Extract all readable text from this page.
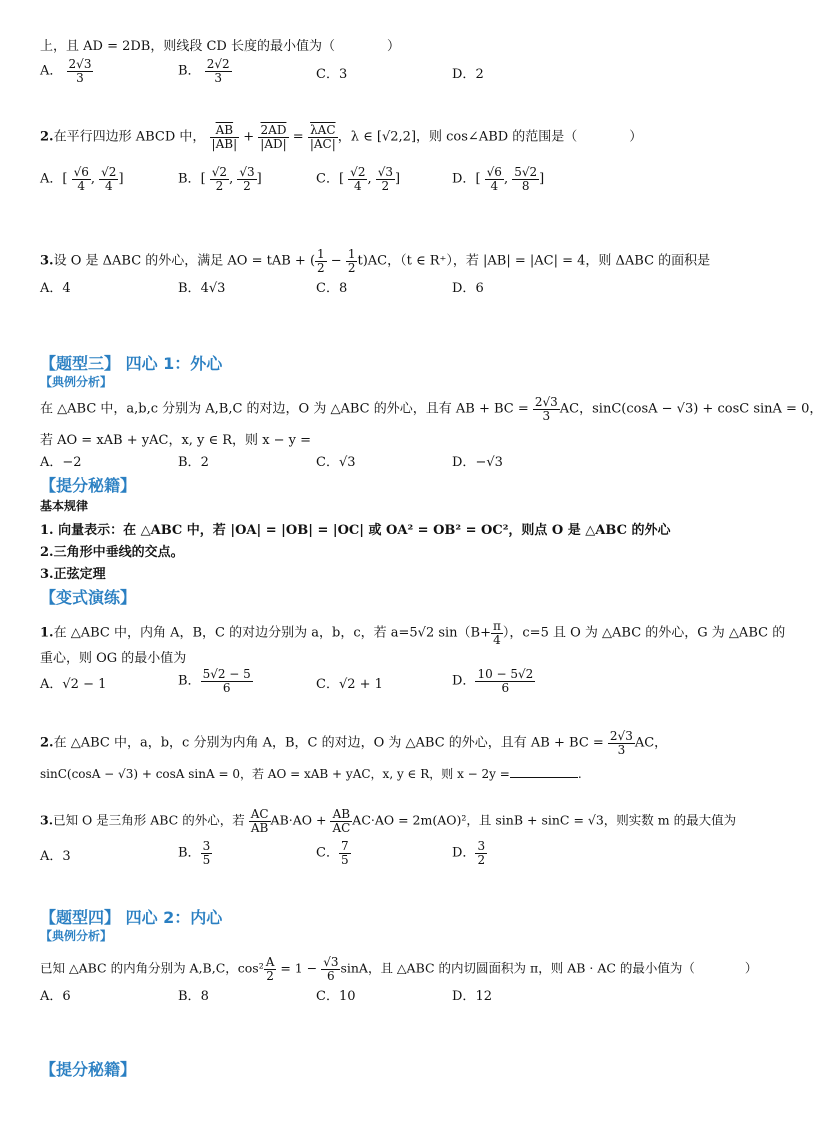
上，且 AD = 2DB，则线段 CD 长度的最小值为（　　　　）
A． $\frac{2√3}{3}$	B． $\frac{2√2}{3}$	C．3	D．2
2.在平行四边形 ABCD 中， $\frac{\overline{AB}}{|AB|} + \frac{2AD}{|AD|} = \frac{\overline{\lambda AC}}{|AC|}$ ，λ ∈ [√2,2]，则 cos∠ABD 的范围是（　　　　）
A．[ $\frac{√6}{4}$ , $\frac{√2}{4}$ ]	B．[ $\frac{√2}{2}$ , $\frac{√3}{2}$ ]	C．[ $\frac{√2}{4}$ , $\frac{√3}{2}$ ]	D．[ $\frac{√6}{4}$ , $\frac{5√2}{8}$ ]
3.设 O 是 ΔABC 的外心，满足 AO = tAB + ( $\frac{1}{2} - \frac{1}{2} t)AC$，（t ∈ R⁺），若 |AB| = |AC| = 4，则 ΔABC 的面积是
A．4	B．4√3	C．8	D．6
【题型三】 四心 1：外心
【典例分析】
在 △ABC 中，a,b,c 分别为 A,B,C 的对边，O 为 △ABC 的外心，且有 AB + BC = $\frac{2√3}{3}$ AC，sinC(cosA − √3) + cosC sinA = 0，
若 AO = xAB + yAC，x, y ∈ R，则 x − y =
A．−2	B．2	C．√3	D．−√3
【提分秘籍】
基本规律
1. 向量表示：在 △ABC 中，若 |OA| = |OB| = |OC| 或 OA² = OB² = OC²，则点 O 是 △ABC 的外心
2.三角形中垂线的交点。
3.正弦定理
【变式演练】
1.在 △ABC 中，内角 A，B，C 的对边分别为 a，b，c，若 a=5√2 $\sin(B+ \frac{\pi}{4}$ ），c=5 且 O 为 △ABC 的外心，G 为 △ABC 的
重心，则 OG 的最小值为
A．√2 − 1	B． $\frac{5√2 - 5}{6}$	C．√2 + 1	D． $\frac{10 - 5√2}{6}$
2.在 △ABC 中，a，b，c 分别为内角 A，B，C 的对边，O 为 △ABC 的外心，且有 AB + BC = $\frac{2√3}{3}$ AC，
sinC(cosA − √3) + cosA sinA = 0，若 AO = xAB + yAC，x, y ∈ R，则 x − 2y =	.
3.已知 O 是三角形 ABC 的外心，若 $\frac{AC}{AB} AB\cdot AO + \frac{AB}{AC} AC\cdot AO = 2m(AO)^2$，且 sinB + sinC = √3，则实数 m 的最大值为
A．3	B． $\frac{3}{5}$	C． $\frac{7}{5}$	D． $\frac{3}{2}$
【题型四】 四心 2：内心
【典例分析】
已知 △ABC 的内角分别为 A,B,C，$\cos^2 \frac{A}{2} = 1 - \frac{√3}{6}$ sinA，且 △ABC 的内切圆面积为 π，则 AB · AC 的最小值为（　　　　）
A．6	B．8	C．10	D．12
【提分秘籍】
